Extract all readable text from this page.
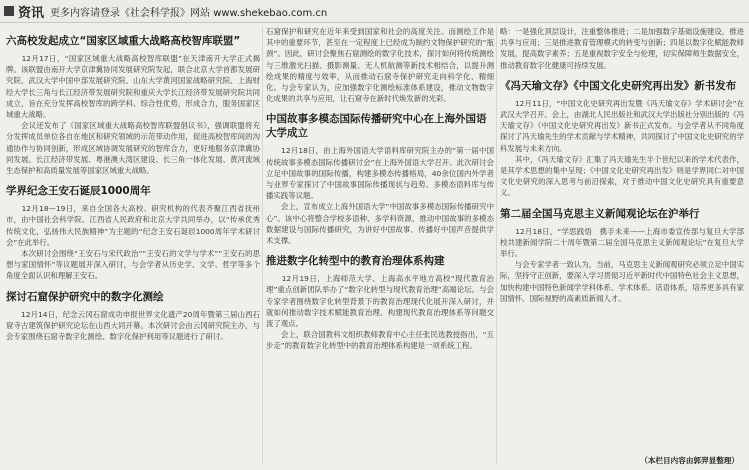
资讯 更多内容请登录《社会科学报》网站 www.shekebao.com.cn
六高校发起成立“国家区域重大战略高校智库联盟”
　　12月17日，“国家区域重大战略高校智库联盟”在天津南开大学正式揭牌。该联盟由南开大学京津冀协同发展研究院发起，联合北京大学首都发展研究院、武汉大学中国中部发展研究院、山东大学黄河国家战略研究院、上海财经大学长三角与长江经济带发展研究院和重庆大学长江经济带发展研究院共同成立，旨在充分发挥高校智库的跨学科、综合性优势，形成合力，服务国家区域重大战略。
　　会议还发布了《国家区域重大战略高校智库联盟倡议书》，强调联盟将充分发挥成员单位各自在地区和研究领域的示范带动作用，促进高校智库间的沟通协作与协同创新，形成区域协调发展研究的智库合力，更好地服务京津冀协同发展、长江经济带发展、粤港澳大湾区建设、长三角一体化发展、黄河流域生态保护和高质量发展等国家区域重大战略。
学界纪念王安石诞辰1000周年
　　12月18—19日，来自全国各大高校、研究机构的代表齐聚江西省抚州市，由中国社会科学院、江西省人民政府和北京大学共同举办，以“传承优秀传统文化，弘扬伟大民族精神”为主题的“纪念王安石诞辰1000周年学术研讨会”在此举行。
　　本次研讨会围绕“王安石与宋代政治”“王安石的文学与学术”“王安石的思想与家国情怀”等议题展开深入研讨，与会学者从历史学、文学、哲学等多个角度全面认识和理解王安石。
探讨石窟保护研究中的数字化测绘
　　12月14日，纪念云冈石窟成功申报世界文化遗产20周年暨第三届山西石窟寺古建筑保护研究论坛在山西大同开幕。本次研讨会由云冈研究院主办，与会专家围绕石窟寺数字化测绘、数字化保护利用等议题进行了研讨。
石窟保护和研究在近年来受到国家和社会的高度关注。而测绘工作是其中的重要环节，甚至在一定程度上已经成为制约文物保护研究的“瓶颈”。因此，研讨会聚焦石窟测绘的数字化技术，探讨如何将传统测绘与三维激光扫描、摄影测量、无人机航测等新技术相结合，以提升测绘成果的精度与效率，从而推动石窟寺保护研究走向科学化、精细化。与会专家认为，应加强数字化测绘标准体系建设，推动文物数字化成果的共享与应用，让石窟寺在新时代焕发新的光彩。
中国故事多模态国际传播研究中心在上海外国语大学成立
　　12月18日，由上海外国语大学语料库研究院主办的“第一届中国传统故事多模态国际传播研讨会”在上海外国语大学召开。此次研讨会立足中国故事的国际传播，构建多模态传播格局，40余位国内外学者与业界专家探讨了中国故事国际传播现状与趋势、多模态语料库与传播实践等议题。
　　会上，宣布成立上海外国语大学“中国故事多模态国际传播研究中心”。该中心将整合学校多语种、多学科资源，推动中国故事的多模态数据建设与国际传播研究，为讲好中国故事、传播好中国声音提供学术支撑。
推进数字化转型中的教育治理体系构建
　　12月19日，上海师范大学、上海高水平地方高校“现代教育治理”重点创新团队举办了“数字化转型与现代教育治理”高端论坛。与会专家学者围绕数字化转型背景下的教育治理现代化展开深入研讨，并就如何推动数字技术赋能教育治理、构建现代教育治理体系等问题交流了观点。
　　会上，联合国教科文组织教师教育中心主任张民选教授指出，“五步走”的教育数字化转型中的教育治理体系构建是一项系统工程。
略：一是强化顶层设计，注重整体推进；二是加强数字基础设施建设，推进共享与应用；三是推进教育管理模式的转变与创新；四是以数字化赋能教师发展，提高数字素养；五是重视数字安全与伦理，切实保障师生数据安全，推动教育数字化健康可持续发展。
《冯天瑜文存》《中国文化史研究再出发》新书发布
　　12月11日，“中国文化史研究再出发暨《冯天瑜文存》学术研讨会”在武汉大学召开。会上，由湖北人民出版社和武汉大学出版社分别出版的《冯天瑜文存》《中国文化史研究再出发》新书正式发布。与会学者从不同角度探讨了冯天瑜先生的学术贡献与学术精神，共同探讨了中国文化史研究的学科发展与未来方向。
　　其中，《冯天瑜文存》汇集了冯天瑜先生半个世纪以来的学术代表作，是其学术思想的集中呈现；《中国文化史研究再出发》则是学界同仁对中国文化史研究的深入思考与前沿探索，对于推动中国文化史研究具有重要意义。
第二届全国马克思主义新闻观论坛在沪举行
　　12月18日，“学思践悟　携手未来——上海市委宣传部与复旦大学部校共建新闻学院二十周年暨第二届全国马克思主义新闻观论坛”在复旦大学举行。
　　与会专家学者一致认为，当前，马克思主义新闻观研究必须立足中国实际，坚持守正创新，要深入学习贯彻习近平新时代中国特色社会主义思想，加快构建中国特色新闻学学科体系、学术体系、话语体系，培养更多具有家国情怀、国际视野的高素质新闻人才。
（本栏目内容由郭羿显整理）
